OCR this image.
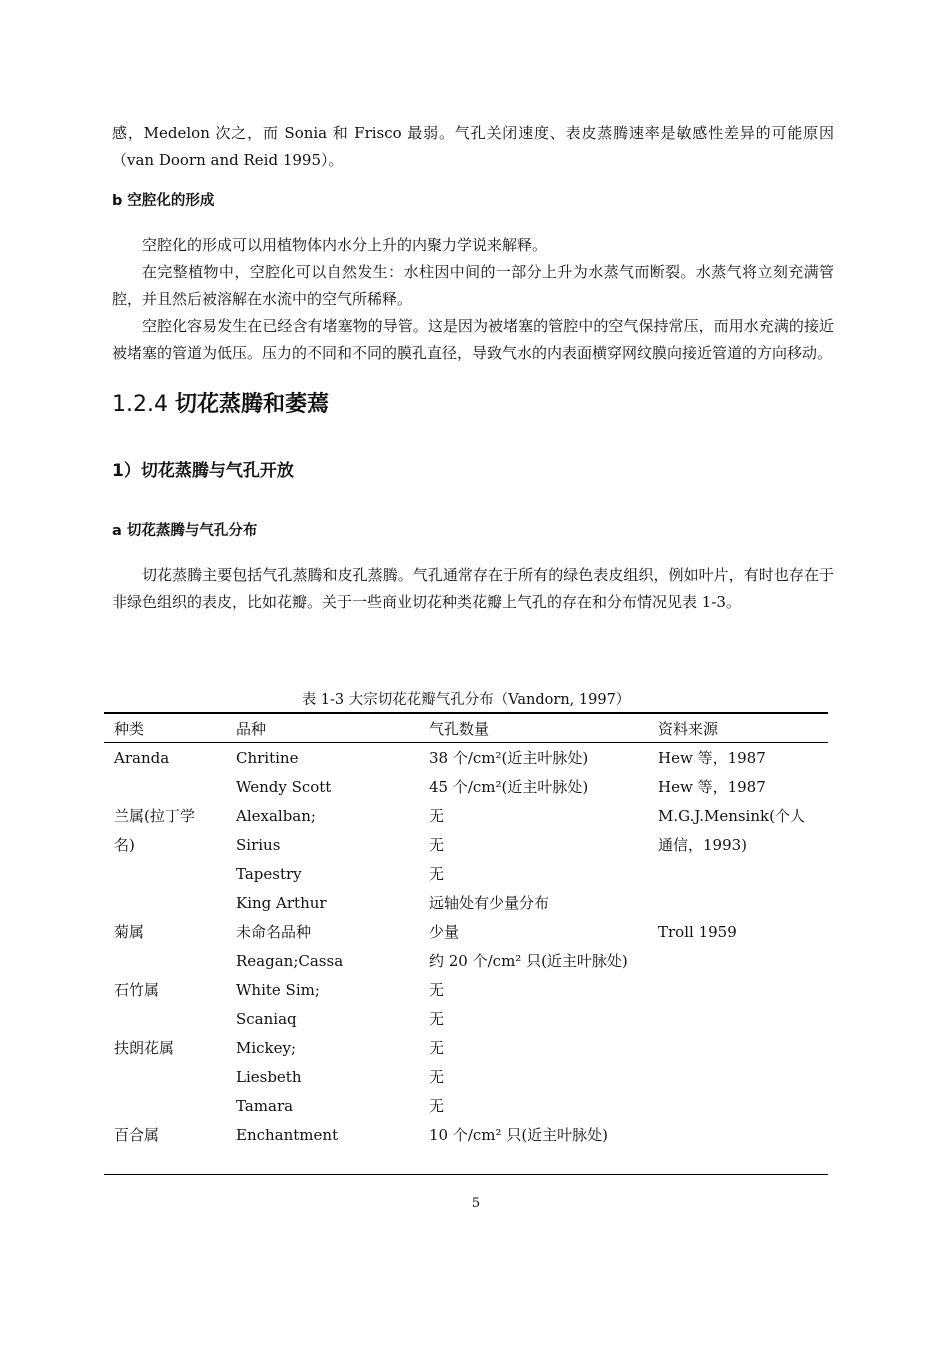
感，Medelon 次之，而 Sonia 和 Frisco 最弱。气孔关闭速度、表皮蒸腾速率是敏感性差异的可能原因（van Doorn and Reid 1995）。

b 空腔化的形成

空腔化的形成可以用植物体内水分上升的内聚力学说来解释。

在完整植物中，空腔化可以自然发生：水柱因中间的一部分上升为水蒸气而断裂。水蒸气将立刻充满管腔，并且然后被溶解在水流中的空气所稀释。

空腔化容易发生在已经含有堵塞物的导管。这是因为被堵塞的管腔中的空气保持常压，而用水充满的接近被堵塞的管道为低压。压力的不同和不同的膜孔直径，导致气水的内表面横穿网纹膜向接近管道的方向移动。

1.2.4 切花蒸腾和萎蔫
1）切花蒸腾与气孔开放
a 切花蒸腾与气孔分布

切花蒸腾主要包括气孔蒸腾和皮孔蒸腾。气孔通常存在于所有的绿色表皮组织，例如叶片，有时也存在于非绿色组织的表皮，比如花瓣。关于一些商业切花种类花瓣上气孔的存在和分布情况见表 1-3。

表 1-3 大宗切花花瓣气孔分布（Vandorn, 1997）
种类	品种	气孔数量	资料来源
Aranda	Chritine	38 个/cm²(近主叶脉处)	Hew 等，1987
	Wendy Scott	45 个/cm²(近主叶脉处)	Hew 等，1987
兰属(拉丁学	Alexalban;	无	M.G.J.Mensink(个人
名)	Sirius	无	通信，1993)
	Tapestry	无	
	King Arthur	远轴处有少量分布	
菊属	未命名品种	少量	Troll 1959
	Reagan;Cassa	约 20 个/cm² 只(近主叶脉处)	
石竹属	White Sim;	无	
	Scaniaq	无	
扶朗花属	Mickey;	无	
	Liesbeth	无	
	Tamara	无	
百合属	Enchantment	10 个/cm² 只(近主叶脉处)	
5
